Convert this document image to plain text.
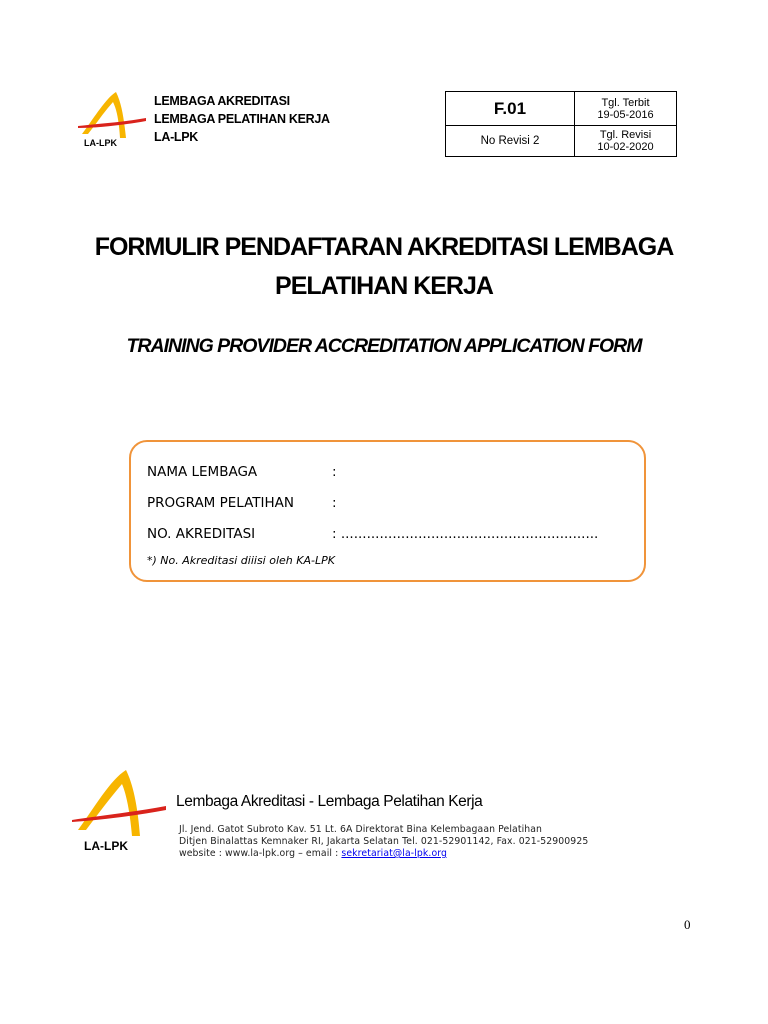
LA-LPK
LEMBAGA AKREDITASI
LEMBAGA PELATIHAN KERJA
LA-LPK
F.01	Tgl. Terbit
19-05-2016

No Revisi 2	Tgl. Revisi
10-02-2020
FORMULIR PENDAFTARAN AKREDITASI LEMBAGA
PELATIHAN KERJA
TRAINING PROVIDER ACCREDITATION APPLICATION FORM
NAMA LEMBAGA	:
PROGRAM PELATIHAN	:
NO. AKREDITASI	: ............................................................
*) No. Akreditasi diiisi oleh KA-LPK
LA-LPK
Lembaga Akreditasi - Lembaga Pelatihan Kerja
Jl. Jend. Gatot Subroto Kav. 51 Lt. 6A Direktorat Bina Kelembagaan Pelatihan
Ditjen Binalattas Kemnaker RI, Jakarta Selatan Tel. 021-52901142, Fax. 021-52900925
website : www.la-lpk.org – email : sekretariat@la-lpk.org
0
